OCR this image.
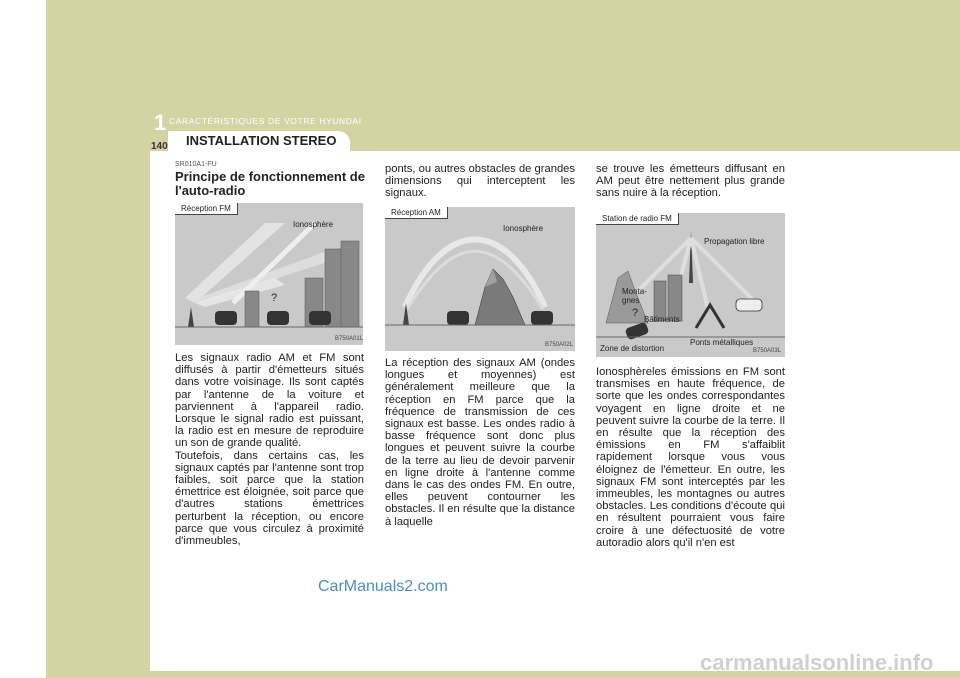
1 CARACTÉRISTIQUES DE VOTRE HYUNDAI
INSTALLATION STEREO
140
SR010A1-FU
Principe de fonctionnement de l'auto-radio
Réception FM
Ionosphère
?
B750A01L
Les signaux radio AM et FM sont diffusés à partir d'émetteurs situés dans votre voisinage. Ils sont captés par l'antenne de la voiture et parviennent à l'appareil radio. Lorsque le signal radio est puissant, la radio est en mesure de reproduire un son de grande qualité.
Toutefois, dans certains cas, les signaux captés par l'antenne sont trop faibles, soit parce que la station émettrice est éloignée, soit parce que d'autres stations émettrices perturbent la réception, ou encore parce que vous circulez à proximité d'immeubles,
ponts, ou autres obstacles de grandes dimensions qui interceptent les signaux.
Réception AM
Ionosphère
B750A02L
La réception des signaux AM (ondes longues et moyennes) est généralement meilleure que la réception en FM parce que la fréquence de transmission de ces signaux est basse. Les ondes radio à basse fréquence sont donc plus longues et peuvent suivre la courbe de la terre au lieu de devoir parvenir en ligne droite à l'antenne comme dans le cas des ondes FM. En outre, elles peuvent contourner les obstacles. Il en résulte que la distance à laquelle
se trouve les émetteurs diffusant en AM peut être nettement plus grande sans nuire à la réception.
Station de radio FM
Propagation libre
Monta-
gnes
Bâtiments
?
Zone de distortion
Ponts métalliques
B750A03L
Ionosphèreles émissions en FM sont transmises en haute fréquence, de sorte que les ondes correspondantes voyagent en ligne droite et ne peuvent suivre la courbe de la terre. Il en résulte que la réception des émissions en FM s'affaiblit rapidement lorsque vous vous éloignez de l'émetteur. En outre, les signaux FM sont interceptés par les immeubles, les montagnes ou autres obstacles. Les conditions d'écoute qui en résultent pourraient vous faire croire à une défectuosité de votre autoradio alors qu'il n'en est
CarManuals2.com
carmanualsonline.info
